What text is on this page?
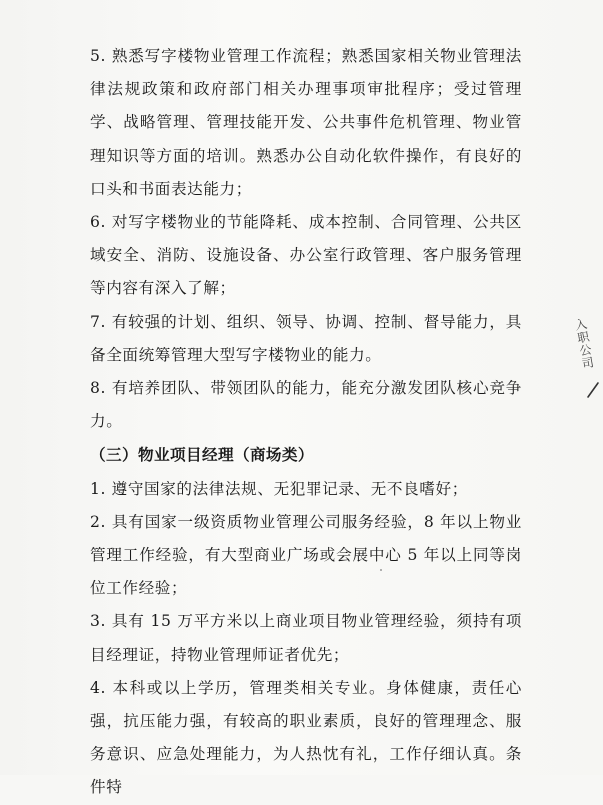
5. 熟悉写字楼物业管理工作流程；熟悉国家相关物业管理法律法规政策和政府部门相关办理事项审批程序；受过管理学、战略管理、管理技能开发、公共事件危机管理、物业管理知识等方面的培训。熟悉办公自动化软件操作，有良好的口头和书面表达能力；

6. 对写字楼物业的节能降耗、成本控制、合同管理、公共区域安全、消防、设施设备、办公室行政管理、客户服务管理等内容有深入了解；

7. 有较强的计划、组织、领导、协调、控制、督导能力，具备全面统筹管理大型写字楼物业的能力。

8. 有培养团队、带领团队的能力，能充分激发团队核心竞争力。

（三）物业项目经理（商场类）

1. 遵守国家的法律法规、无犯罪记录、无不良嗜好；

2. 具有国家一级资质物业管理公司服务经验，8 年以上物业管理工作经验，有大型商业广场或会展中心 5 年以上同等岗位工作经验；

3. 具有 15 万平方米以上商业项目物业管理经验，须持有项目经理证，持物业管理师证者优先；

4. 本科或以上学历，管理类相关专业。身体健康，责任心强，抗压能力强，有较高的职业素质，良好的管理理念、服务意识、应急处理能力，为人热忱有礼，工作仔细认真。条件特

入职公司
